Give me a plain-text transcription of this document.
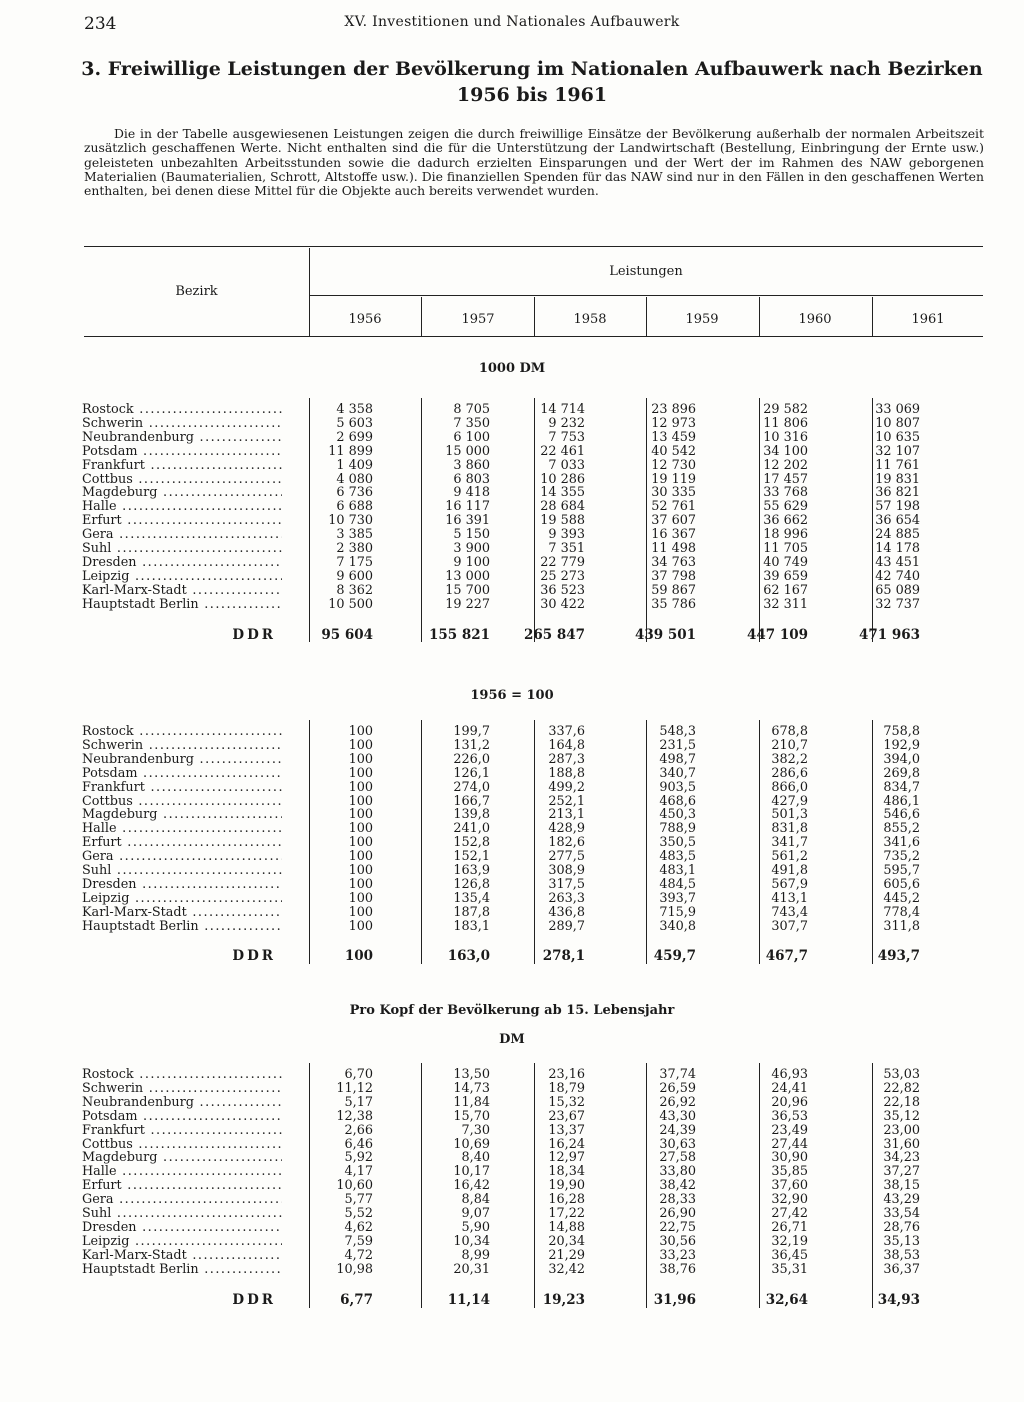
234	XV. Investitionen und Nationales Aufbauwerk
3. Freiwillige Leistungen der Bevölkerung im Nationalen Aufbauwerk nach Bezirken
1956 bis 1961
Die in der Tabelle ausgewiesenen Leistungen zeigen die durch freiwillige Einsätze der Bevölkerung außerhalb der normalen Arbeitszeit zusätzlich geschaffenen Werte. Nicht enthalten sind die für die Unterstützung der Landwirtschaft (Bestellung, Einbringung der Ernte usw.) geleisteten unbezahlten Arbeitsstunden sowie die dadurch erzielten Einsparungen und der Wert der im Rahmen des NAW geborgenen Materialien (Baumaterialien, Schrott, Altstoffe usw.). Die finanziellen Spenden für das NAW sind nur in den Fällen in den geschaffenen Werten enthalten, bei denen diese Mittel für die Objekte auch bereits verwendet wurden.
Bezirk
Leistungen
1956	1957	1958	1959	1960	1961
1000 DM
Rostock .....	4 358	8 705	14 714	23 896	29 582	33 069
Schwerin .....	5 603	7 350	9 232	12 973	11 806	10 807
Neubrandenburg .....	2 699	6 100	7 753	13 459	10 316	10 635
Potsdam .....	11 899	15 000	22 461	40 542	34 100	32 107
Frankfurt .....	1 409	3 860	7 033	12 730	12 202	11 761
Cottbus .....	4 080	6 803	10 286	19 119	17 457	19 831
Magdeburg .....	6 736	9 418	14 355	30 335	33 768	36 821
Halle .....	6 688	16 117	28 684	52 761	55 629	57 198
Erfurt .....	10 730	16 391	19 588	37 607	36 662	36 654
Gera .....	3 385	5 150	9 393	16 367	18 996	24 885
Suhl .....	2 380	3 900	7 351	11 498	11 705	14 178
Dresden .....	7 175	9 100	22 779	34 763	40 749	43 451
Leipzig .....	9 600	13 000	25 273	37 798	39 659	42 740
Karl-Marx-Stadt .....	8 362	15 700	36 523	59 867	62 167	65 089
Hauptstadt Berlin .....	10 500	19 227	30 422	35 786	32 311	32 737
DDR	95 604	155 821	265 847	439 501	447 109	471 963
1956 = 100
Rostock .....	100	199,7	337,6	548,3	678,8	758,8
Schwerin .....	100	131,2	164,8	231,5	210,7	192,9
Neubrandenburg .....	100	226,0	287,3	498,7	382,2	394,0
Potsdam .....	100	126,1	188,8	340,7	286,6	269,8
Frankfurt .....	100	274,0	499,2	903,5	866,0	834,7
Cottbus .....	100	166,7	252,1	468,6	427,9	486,1
Magdeburg .....	100	139,8	213,1	450,3	501,3	546,6
Halle .....	100	241,0	428,9	788,9	831,8	855,2
Erfurt .....	100	152,8	182,6	350,5	341,7	341,6
Gera .....	100	152,1	277,5	483,5	561,2	735,2
Suhl .....	100	163,9	308,9	483,1	491,8	595,7
Dresden .....	100	126,8	317,5	484,5	567,9	605,6
Leipzig .....	100	135,4	263,3	393,7	413,1	445,2
Karl-Marx-Stadt .....	100	187,8	436,8	715,9	743,4	778,4
Hauptstadt Berlin .....	100	183,1	289,7	340,8	307,7	311,8
DDR	100	163,0	278,1	459,7	467,7	493,7
Pro Kopf der Bevölkerung ab 15. Lebensjahr
DM
Rostock .....	6,70	13,50	23,16	37,74	46,93	53,03
Schwerin .....	11,12	14,73	18,79	26,59	24,41	22,82
Neubrandenburg .....	5,17	11,84	15,32	26,92	20,96	22,18
Potsdam .....	12,38	15,70	23,67	43,30	36,53	35,12
Frankfurt .....	2,66	7,30	13,37	24,39	23,49	23,00
Cottbus .....	6,46	10,69	16,24	30,63	27,44	31,60
Magdeburg .....	5,92	8,40	12,97	27,58	30,90	34,23
Halle .....	4,17	10,17	18,34	33,80	35,85	37,27
Erfurt .....	10,60	16,42	19,90	38,42	37,60	38,15
Gera .....	5,77	8,84	16,28	28,33	32,90	43,29
Suhl .....	5,52	9,07	17,22	26,90	27,42	33,54
Dresden .....	4,62	5,90	14,88	22,75	26,71	28,76
Leipzig .....	7,59	10,34	20,34	30,56	32,19	35,13
Karl-Marx-Stadt .....	4,72	8,99	21,29	33,23	36,45	38,53
Hauptstadt Berlin .....	10,98	20,31	32,42	38,76	35,31	36,37
DDR	6,77	11,14	19,23	31,96	32,64	34,93
